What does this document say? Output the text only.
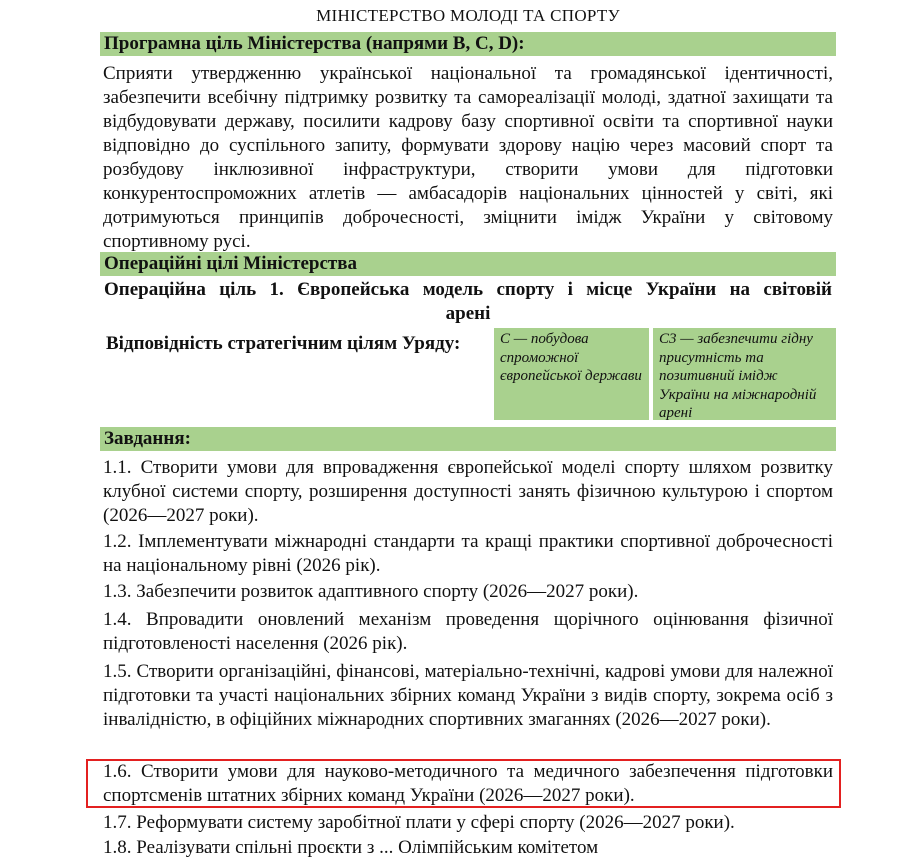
МІНІСТЕРСТВО МОЛОДІ ТА СПОРТУ
Програмна ціль Міністерства (напрями B, C, D):
Сприяти утвердженню української національної та громадянської ідентичності, забезпечити всебічну підтримку розвитку та самореалізації молоді, здатної захищати та відбудовувати державу, посилити кадрову базу спортивної освіти та спортивної науки відповідно до суспільного запиту, формувати здорову націю через масовий спорт та розбудову інклюзивної інфраструктури, створити умови для підготовки конкурентоспроможних атлетів — амбасадорів національних цінностей у світі, які дотримуються принципів доброчесності, зміцнити імідж України у світовому спортивному русі.
Операційні цілі Міністерства
Операційна ціль 1. Європейська модель спорту і місце України на світовій
арені
Відповідність стратегічним цілям Уряду:	С — побудова спроможної європейської держави
С3 — забезпечити гідну присутність та позитивний імідж України на міжнародній арені
Завдання:
1.1. Створити умови для впровадження європейської моделі спорту шляхом розвитку клубної системи спорту, розширення доступності занять фізичною культурою і спортом (2026—2027 роки).
1.2. Імплементувати міжнародні стандарти та кращі практики спортивної доброчесності на національному рівні (2026 рік).
1.3. Забезпечити розвиток адаптивного спорту (2026—2027 роки).
1.4. Впровадити оновлений механізм проведення щорічного оцінювання фізичної підготовленості населення (2026 рік).
1.5. Створити організаційні, фінансові, матеріально-технічні, кадрові умови для належної підготовки та участі національних збірних команд України з видів спорту, зокрема осіб з інвалідністю, в офіційних міжнародних спортивних змаганнях (2026—2027 роки).
1.6. Створити умови для науково-методичного та медичного забезпечення підготовки спортсменів штатних збірних команд України (2026—2027 роки).
1.7. Реформувати систему заробітної плати у сфері спорту (2026—2027 роки).
1.8. Реалізувати спільні проєкти з ... Олімпійським комітетом
